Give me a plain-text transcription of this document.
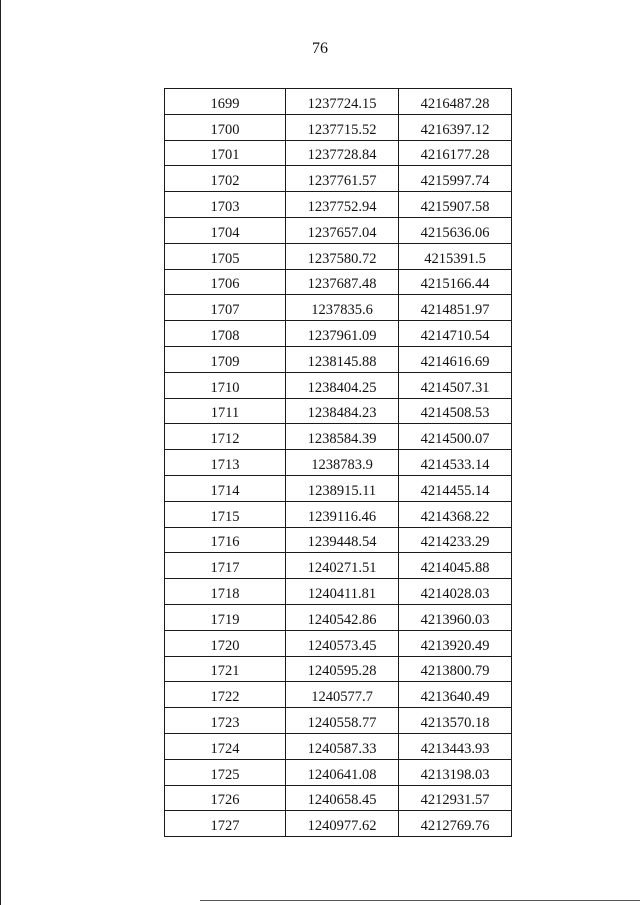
76
1699	1237724.15	4216487.28
1700	1237715.52	4216397.12
1701	1237728.84	4216177.28
1702	1237761.57	4215997.74
1703	1237752.94	4215907.58
1704	1237657.04	4215636.06
1705	1237580.72	4215391.5
1706	1237687.48	4215166.44
1707	1237835.6	4214851.97
1708	1237961.09	4214710.54
1709	1238145.88	4214616.69
1710	1238404.25	4214507.31
1711	1238484.23	4214508.53
1712	1238584.39	4214500.07
1713	1238783.9	4214533.14
1714	1238915.11	4214455.14
1715	1239116.46	4214368.22
1716	1239448.54	4214233.29
1717	1240271.51	4214045.88
1718	1240411.81	4214028.03
1719	1240542.86	4213960.03
1720	1240573.45	4213920.49
1721	1240595.28	4213800.79
1722	1240577.7	4213640.49
1723	1240558.77	4213570.18
1724	1240587.33	4213443.93
1725	1240641.08	4213198.03
1726	1240658.45	4212931.57
1727	1240977.62	4212769.76
